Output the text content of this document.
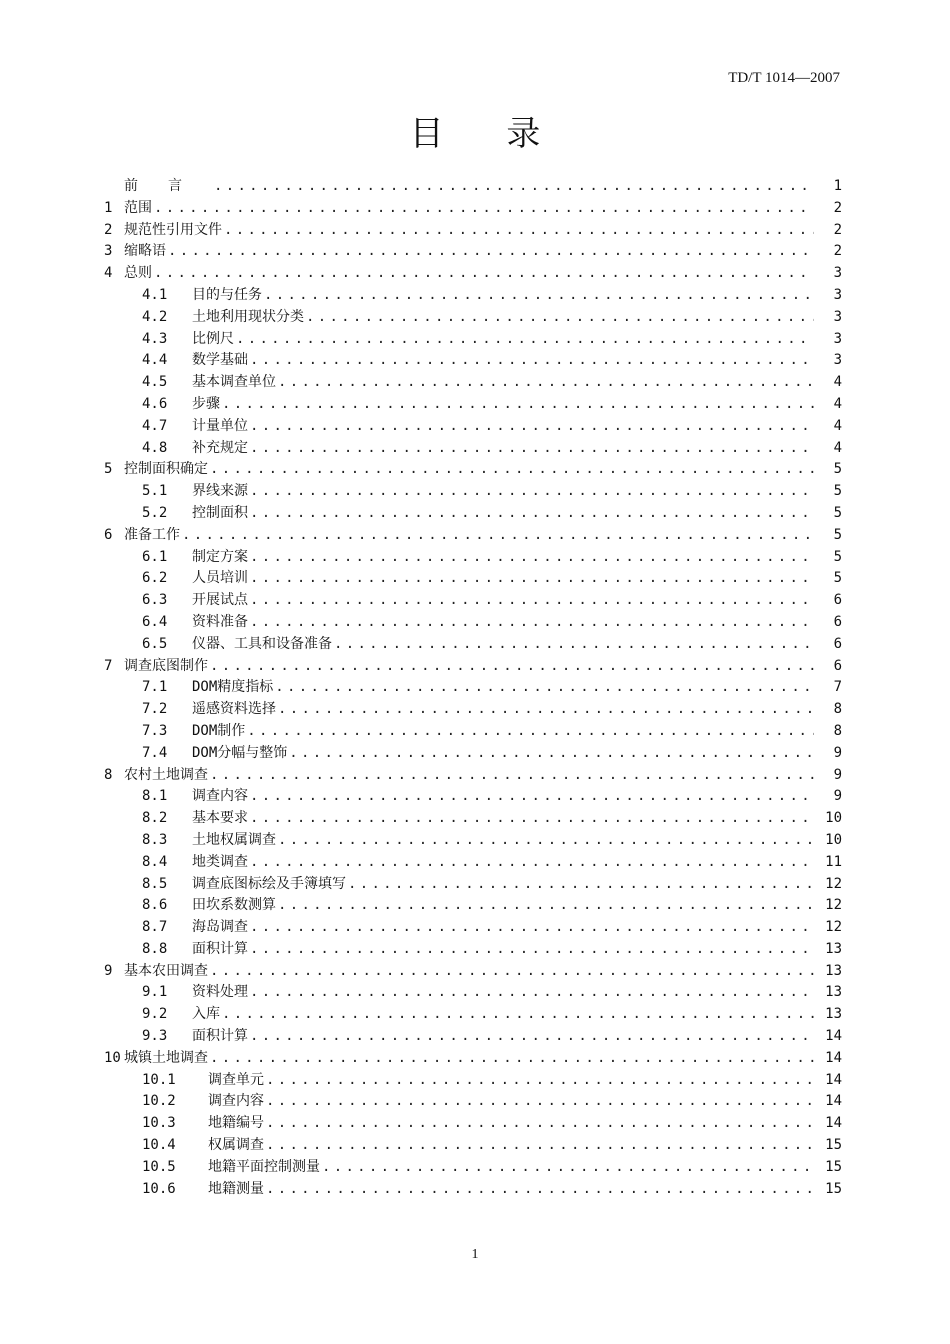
TD/T 1014—2007
目 录
前言 .....	1
1 范围 .....	2
2 规范性引用文件 .....	2
3 缩略语 .....	2
4 总则 .....	3
4.1	目的与任务 .....	3
4.2	土地利用现状分类 .....	3
4.3	比例尺 .....	3
4.4	数学基础 .....	3
4.5	基本调查单位 .....	4
4.6	步骤 .....	4
4.7	计量单位 .....	4
4.8	补充规定 .....	4
5 控制面积确定 .....	5
5.1	界线来源 .....	5
5.2	控制面积 .....	5
6 准备工作 .....	5
6.1	制定方案 .....	5
6.2	人员培训 .....	5
6.3	开展试点 .....	6
6.4	资料准备 .....	6
6.5	仪器、工具和设备准备 .....	6
7 调查底图制作 .....	6
7.1	DOM精度指标 .....	7
7.2	遥感资料选择 .....	8
7.3	DOM制作 .....	8
7.4	DOM分幅与整饰 .....	9
8 农村土地调查 .....	9
8.1	调查内容 .....	9
8.2	基本要求 .....	10
8.3	土地权属调查 .....	10
8.4	地类调查 .....	11
8.5	调查底图标绘及手簿填写 .....	12
8.6	田坎系数测算 .....	12
8.7	海岛调查 .....	12
8.8	面积计算 .....	13
9 基本农田调查 .....	13
9.1	资料处理 .....	13
9.2	入库 .....	13
9.3	面积计算 .....	14
10 城镇土地调查 .....	14
10.1	调查单元 .....	14
10.2	调查内容 .....	14
10.3	地籍编号 .....	14
10.4	权属调查 .....	15
10.5	地籍平面控制测量 .....	15
10.6	地籍测量 .....	15
1
